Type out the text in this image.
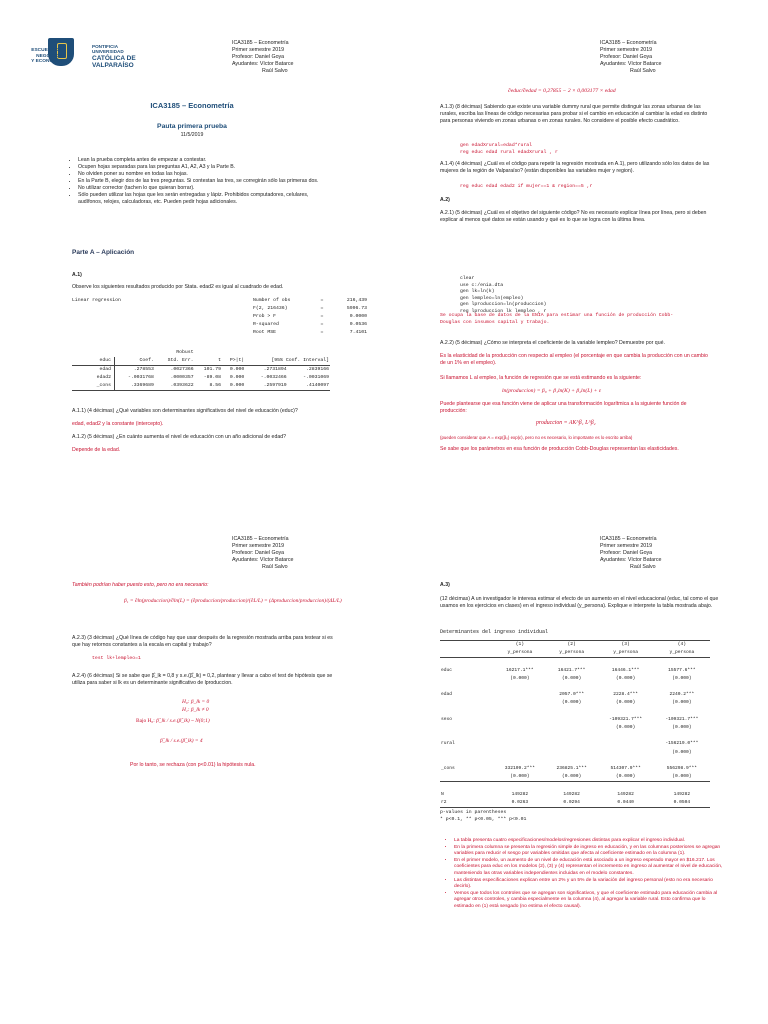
ESCUELA DE
NEGOCIOS
Y ECONOMÍA
PONTIFICIA
UNIVERSIDAD
CATÓLICA DE
VALPARAÍSO
ICA3185 – Econometría
Primer semestre 2019
Profesor: Daniel Goya
Ayudantes: Víctor Batarce
Raúl Salvo
ICA3185 – Econometría
Pauta primera prueba
11/5/2019
• Lean la prueba completa antes de empezar a contestar.
• Ocupen hojas separadas para las preguntas A1, A2, A3 y la Parte B.
• No olviden poner su nombre en todas las hojas.
• En la Parte B, elegir dos de las tres preguntas. Si contestan las tres, se corregirán sólo las primeras dos.
• No utilizar corrector (tachen lo que quieran borrar).
• Sólo pueden utilizar las hojas que les serán entregadas y lápiz. Prohibidos computadores, celulares, audífonos, relojes, calculadoras, etc. Pueden pedir hojas adicionales.
Parte A – Aplicación
A.1)
Observe los siguientes resultados producido por Stata. edad2 es igual al cuadrado de edad.
Linear regression	Number of obs	=	216,439
F(2, 216436)	=	5996.73
Prob > F	=	0.0000
R-squared	=	0.0536
Root MSE	=	7.4101
		Robust				
educ	Coef.	Std. Err.	t	P>|t|	[95% Conf. Interval]	
edad	.278553	.0027366	101.79	0.000	.2731894	.2839166
edad2	-.0031768	.0000357	-89.08	0.000	-.0032466	-.0031069
_cons	.3369689	.0393622	8.56	0.000	.2597919	.4140097
A.1.1) (4 décimas) ¿Qué variables son determinantes significativos del nivel de educación (educ)?
edad, edad2 y la constante (intercepto).
A.1.2) (5 décimas) ¿En cuánto aumenta el nivel de educación con un año adicional de edad?
Depende de la edad.
ICA3185 – Econometría
Primer semestre 2019
Profesor: Daniel Goya
Ayudantes: Víctor Batarce
Raúl Salvo
∂educ/∂edad = 0,27855 − 2 × 0,003177 × edad
A.1.3) (8 décimas) Sabiendo que existe una variable dummy rural que permite distinguir las zonas urbanas de las rurales, escriba las líneas de código necesarias para probar si el cambio en educación al cambiar la edad es distinto para personas viviendo en zonas urbanas o en zonas rurales. No considere el posible efecto cuadrático.
gen edadXrural=edad*rural
reg educ edad rural edadXrural , r
A.1.4) (4 décimas) ¿Cuál es el código para repetir la regresión mostrada en A.1), pero utilizando sólo los datos de las mujeres de la región de Valparaíso? (están disponibles las variables mujer y region).
reg educ edad edad2 if mujer==1 & region==5 ,r
A.2)
A.2.1) (5 décimas) ¿Cuál es el objetivo del siguiente código? No es necesario explicar línea por línea, pero si deben explicar al menos qué datos se están usando y qué es lo que se logra con la última línea.
clear
use c:/enia.dta
gen lk=ln(k)
gen lempleo=ln(empleo)
gen lproduccion=ln(produccion)
reg lproduccion lk lempleo , r
Se ocupa la base de datos de la ENIA para estimar una función de producción Cobb-Douglas con insumos capital y trabajo.
A.2.2) (5 décimas) ¿Cómo se interpreta el coeficiente de la variable lempleo? Demuestre por qué.
Es la elasticidad de la producción con respecto al empleo (el porcentaje en que cambia la producción con un cambio de un 1% en el empleo).
Si llamamos L al empleo, la función de regresión que se está estimando es la siguiente:
ln(produccion) = β₀ + β₁ln(K) + β₂ln(L) + ε
Puede plantearse que esa función viene de aplicar una transformación logarítmica a la siguiente función de producción:
produccion = AK^β₁ L^β₂
(pueden considerar que A = exp(β₀) exp(ε), pero no es necesario, lo importante es lo escrito arriba)
Se sabe que los parámetros en esa función de producción Cobb-Douglas representan las elasticidades.
ICA3185 – Econometría
Primer semestre 2019
Profesor: Daniel Goya
Ayudantes: Víctor Batarce
Raúl Salvo
También podrían haber puesto esto, pero no era necesario:
β₁ = ∂ln(produccion)/∂ln(L) = (∂produccion/produccion)/(∂L/L) = (Δproduccion/produccion)/(ΔL/L)
A.2.3) (3 décimas) ¿Qué línea de código hay que usar después de la regresión mostrada arriba para testear si es que hay retornos constantes a la escala en capital y trabajo?
test lk+lempleo=1
A.2.4) (6 décimas) Si se sabe que β̂_lk = 0,8 y s.e.(β̂_lk) = 0,2, plantear y llevar a cabo el test de hipótesis que se utiliza para saber si lk es un determinante significativo de lproduccion.
H₀: β_lk = 0
H₁: β_lk ≠ 0
Bajo H₀: β̂_lk / s.e.(β̂_lk) ~ N(0;1)
β̂_lk / s.e.(β̂_lk) = 4
Por lo tanto, se rechaza (con p<0.01) la hipótesis nula.
ICA3185 – Econometría
Primer semestre 2019
Profesor: Daniel Goya
Ayudantes: Víctor Batarce
Raúl Salvo
A.3)
(12 décimas) A un investigador le interesa estimar el efecto de un aumento en el nivel educacional (educ, tal como el que usamos en los ejercicios en clases) en el ingreso individual (y_persona). Explique e interprete la tabla mostrada abajo.
Determinantes del ingreso individual
	(1)	(2)	(3)	(4)
	y_persona	y_persona	y_persona	y_persona

educ	16217.1***	16421.7***	16446.1***	15577.6***
	(0.000)	(0.000)	(0.000)	(0.000)

edad		2057.0***	2228.4***	2240.2***
		(0.000)	(0.000)	(0.000)

sexo			-109321.7***	-109321.7***
			(0.000)	(0.000)

rural				-156219.0***
				(0.000)

_cons	332109.2***	236825.1***	514307.9***	556298.9***
	(0.000)	(0.000)	(0.000)	(0.000)

N	149282	149282	149282	149282
r2	0.0263	0.0294	0.0440	0.0504
p-values in parentheses
* p<0.1, ** p<0.05, *** p<0.01
• La tabla presenta cuatro especificaciones/modelos/regresiones distintas para explicar el ingreso individual.
• En la primera columna se presenta la regresión simple de ingreso en educación, y en las columnas posteriores se agregan variables para reducir el sesgo por variables omitidas que afecta al coeficiente estimado en la columna (1).
• En el primer modelo, un aumento de un nivel de educación está asociado a un ingreso esperado mayor en $16.217. Los coeficientes para educ en los modelos (2), (3) y (4) representan el incremento en ingreso al aumentar el nivel de educación, manteniendo las otras variables independientes incluidas en el modelo constantes.
• Las distintas especificaciones explican entre un 2% y un 5% de la variación del ingreso personal (esto no era necesario decirlo).
• Vemos que todos los controles que se agregan son significativos, y que el coeficiente estimado para educación cambia al agregar otros controles, y cambia especialmente en la columna (4), al agregar la variable rural. Esto confirma que lo estimado en (1) está sesgado (no estima el efecto causal).
